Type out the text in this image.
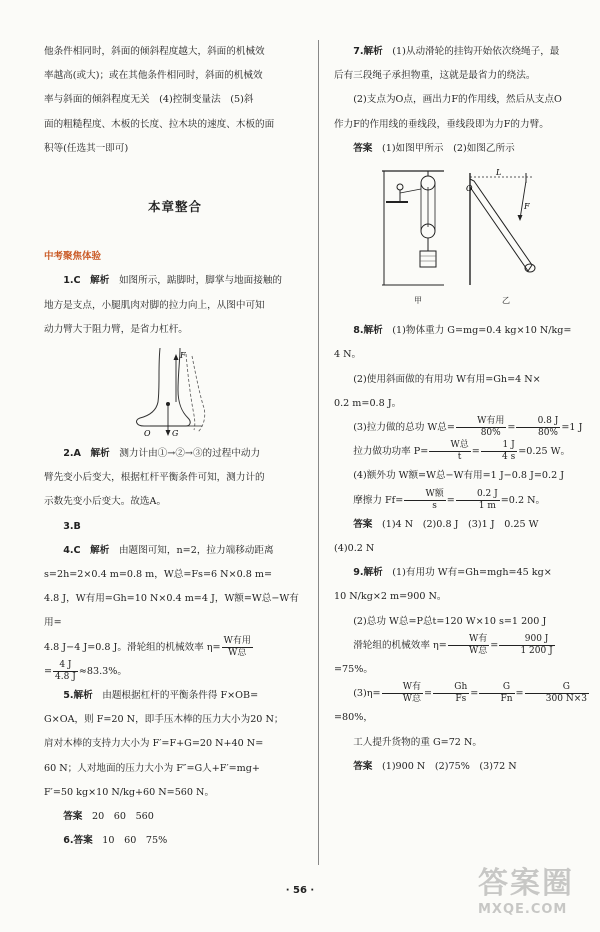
他条件相同时，斜面的倾斜程度越大，斜面的机械效

率越高(或大)；或在其他条件相同时，斜面的机械效

率与斜面的倾斜程度无关　(4)控制变量法　(5)斜

面的粗糙程度、木板的长度、拉木块的速度、木板的面

积等(任选其一即可)

本章整合
中考聚焦体验

1.C　 解析　 如图所示，踮脚时，脚掌与地面接触的

地方是支点，小腿肌肉对脚的拉力向上，从图中可知

动力臂大于阻力臂，是省力杠杆。

F
O	G

2.A　 解析　 测力计由①→②→③的过程中动力

臂先变小后变大，根据杠杆平衡条件可知，测力计的

示数先变小后变大。故选A。

3.B

4.C　 解析　 由题图可知，n=2，拉力端移动距离

s=2h=2×0.4 m=0.8 m，W总=Fs=6 N×0.8 m=

4.8 J，W有用=Gh=10 N×0.4 m=4 J，W额=W总−W有用=

4.8 J−4 J=0.8 J。滑轮组的机械效率 $\eta= \frac{\text{W有用}}{\text{W总}}$

= $\frac{4 J}{4.8 J} \approx 83.3\%$。

5.解析　 由题根据杠杆的平衡条件得 F×OB=

G×OA，则 F=20 N，即手压木棒的压力大小为20 N；

肩对木棒的支持力大小为 F′=F+G=20 N+40 N=

60 N；人对地面的压力大小为 F″=G人+F′=mg+

F′=50 kg×10 N/kg+60 N=560 N。

答案　 20　60　560

6.答案　 10　60　75%

7.解析　 (1)从动滑轮的挂钩开始依次绕绳子，最

后有三段绳子承担物重，这就是最省力的绕法。

(2)支点为O点，画出力F的作用线，然后从支点O

作力F的作用线的垂线段，垂线段即为力F的力臂。

答案　 (1)如图甲所示　(2)如图乙所示

O
L
F
甲	乙

8.解析　 (1)物体重力 G=mg=0.4 kg×10 N/kg=

4 N。

(2)使用斜面做的有用功 W有用=Gh=4 N×

0.2 m=0.8 J。

(3)拉力做的总功 W总= $\frac{\text{W有用}}{80\%} = \frac{0.8 J}{80\%} =1$ J

拉力做功功率 $P= \frac{\text{W总}}{t} = \frac{1 J}{4 s} =0.25$ W。

(4)额外功 W额=W总−W有用=1 J−0.8 J=0.2 J

摩擦力 $Ff= \frac{\text{W额}}{s} = \frac{0.2 J}{1 m} =0.2$ N。

答案　 (1)4 N　(2)0.8 J　(3)1 J　0.25 W

(4)0.2 N

9.解析　 (1)有用功 W有=Gh=mgh=45 kg×

10 N/kg×2 m=900 N。

(2)总功 W总=P总t=120 W×10 s=1 200 J

滑轮组的机械效率 $\eta= \frac{\text{W有}}{\text{W总}} = \frac{900 J}{1 200 J}$
=75%。

$(3)\eta= \frac{\text{W有}}{\text{W总}} = \frac{Gh}{Fs} = \frac{G}{Fn} = \frac{G}{300 N\times 3}$
=80%，

工人提升货物的重 G=72 N。

答案　 (1)900 N　(2)75%　(3)72 N

· 56 ·	答案圈
MXQE.COM
